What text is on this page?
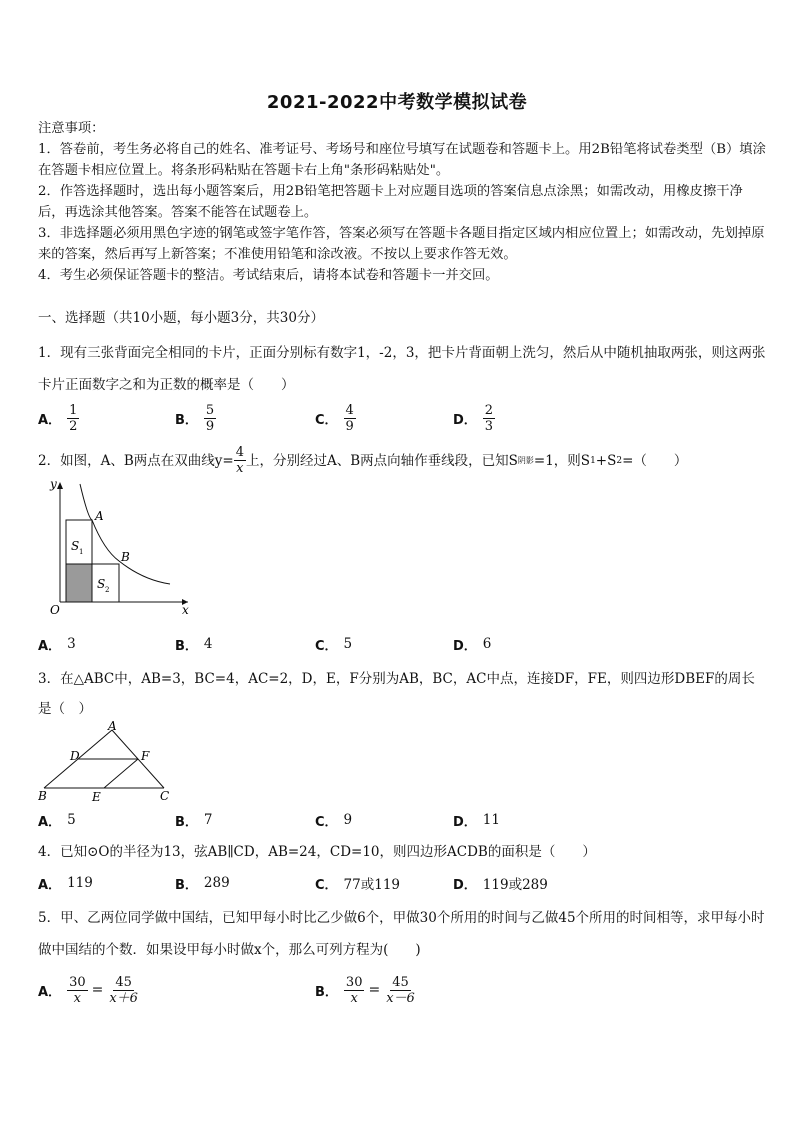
2021-2022中考数学模拟试卷
注意事项：
1．答卷前，考生务必将自己的姓名、准考证号、考场号和座位号填写在试题卷和答题卡上。用2B铅笔将试卷类型（B）填涂在答题卡相应位置上。将条形码粘贴在答题卡右上角"条形码粘贴处"。
2．作答选择题时，选出每小题答案后，用2B铅笔把答题卡上对应题目选项的答案信息点涂黑；如需改动，用橡皮擦干净后，再选涂其他答案。答案不能答在试题卷上。
3．非选择题必须用黑色字迹的钢笔或签字笔作答，答案必须写在答题卡各题目指定区域内相应位置上；如需改动，先划掉原来的答案，然后再写上新答案；不准使用铅笔和涂改液。不按以上要求作答无效。
4．考生必须保证答题卡的整洁。考试结束后，请将本试卷和答题卡一并交回。
一、选择题（共10小题，每小题3分，共30分）
1．现有三张背面完全相同的卡片，正面分别标有数字1，-2，3，把卡片背面朝上洗匀，然后从中随机抽取两张，则这两张卡片正面数字之和为正数的概率是（　　）
A． $\frac{1}{2}$	B． $\frac{5}{9}$	C． $\frac{4}{9}$	D． $\frac{2}{3}$
2．如图，A、B两点在双曲线$y= \frac{4}{x}$ 上，分别经过A、B两点向轴作垂线段，已知S 阴影 =1，则S 1 +S 2 =（　　）
y
x
O
A
B
S 1
S 2
A． 3	B． 4	C． 5	D． 6
3．在△ABC中，AB=3，BC=4，AC=2，D，E，F分别为AB，BC，AC中点，连接DF，FE，则四边形DBEF的周长是（　）
A
B	C
D
E
F
A． 5	B． 7	C． 9	D． 11
4．已知⊙O的半径为13，弦AB∥CD，AB=24，CD=10，则四边形ACDB的面积是（　　）
A． 119	B． 289	C． 77或119	D． 119或289
5．甲、乙两位同学做中国结，已知甲每小时比乙少做6个，甲做30个所用的时间与乙做45个所用的时间相等，求甲每小时做中国结的个数．如果设甲每小时做x个，那么可列方程为(　　)
A． $\frac{30}{x} = \frac{45}{x+6}$	B． $\frac{30}{x} = \frac{45}{x-6}$
